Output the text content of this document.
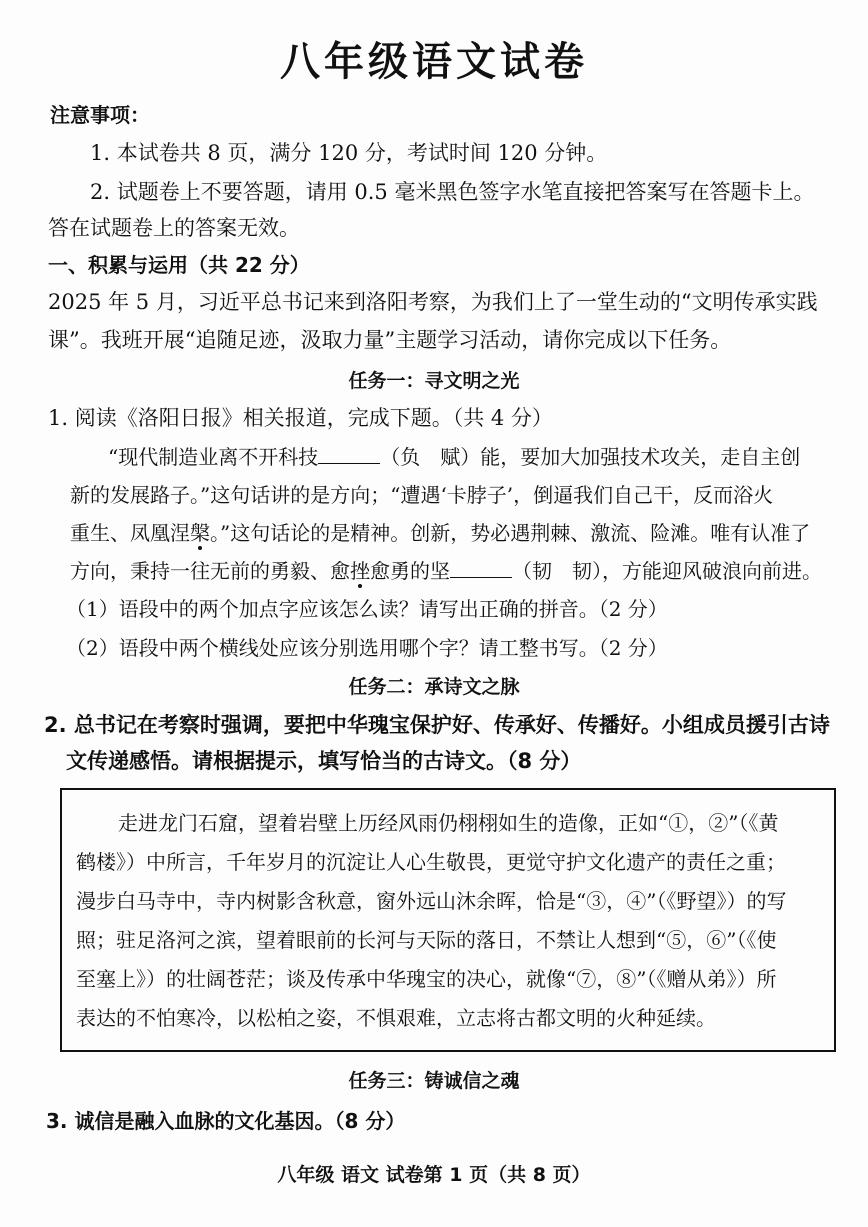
八年级语文试卷
注意事项：
1. 本试卷共 8 页，满分 120 分，考试时间 120 分钟。
2. 试题卷上不要答题，请用 0.5 毫米黑色签字水笔直接把答案写在答题卡上。
答在试题卷上的答案无效。
一、积累与运用（共 22 分）
2025 年 5 月，习近平总书记来到洛阳考察，为我们上了一堂生动的“文明传承实践
课”。我班开展“追随足迹，汲取力量”主题学习活动，请你完成以下任务。
任务一：寻文明之光
1. 阅读《洛阳日报》相关报道，完成下题。（共 4 分）
“现代制造业离不开科技	（负　赋）能，要加大加强技术攻关，走自主创
新的发展路子。”这句话讲的是方向；“遭遇‘卡脖子’，倒逼我们自己干，反而浴火
重生、凤凰涅槃。”这句话论的是精神。创新，势必遇荆棘、激流、险滩。唯有认准了
方向，秉持一往无前的勇毅、愈挫愈勇的坚	（韧　韧），方能迎风破浪向前进。
（1）语段中的两个加点字应该怎么读？请写出正确的拼音。（2 分）
（2）语段中两个横线处应该分别选用哪个字？请工整书写。（2 分）
任务二：承诗文之脉
2. 总书记在考察时强调，要把中华瑰宝保护好、传承好、传播好。小组成员援引古诗
文传递感悟。请根据提示，填写恰当的古诗文。（8 分）
走进龙门石窟，望着岩壁上历经风雨仍栩栩如生的造像，正如“①，②”（《黄
鹤楼》）中所言，千年岁月的沉淀让人心生敬畏，更觉守护文化遗产的责任之重；
漫步白马寺中，寺内树影含秋意，窗外远山沐余晖，恰是“③，④”（《野望》）的写
照；驻足洛河之滨，望着眼前的长河与天际的落日，不禁让人想到“⑤，⑥”（《使
至塞上》）的壮阔苍茫；谈及传承中华瑰宝的决心，就像“⑦，⑧”（《赠从弟》）所
表达的不怕寒冷，以松柏之姿，不惧艰难，立志将古都文明的火种延续。
任务三：铸诚信之魂
3. 诚信是融入血脉的文化基因。（8 分）
八年级 语文 试卷第 1 页（共 8 页）
